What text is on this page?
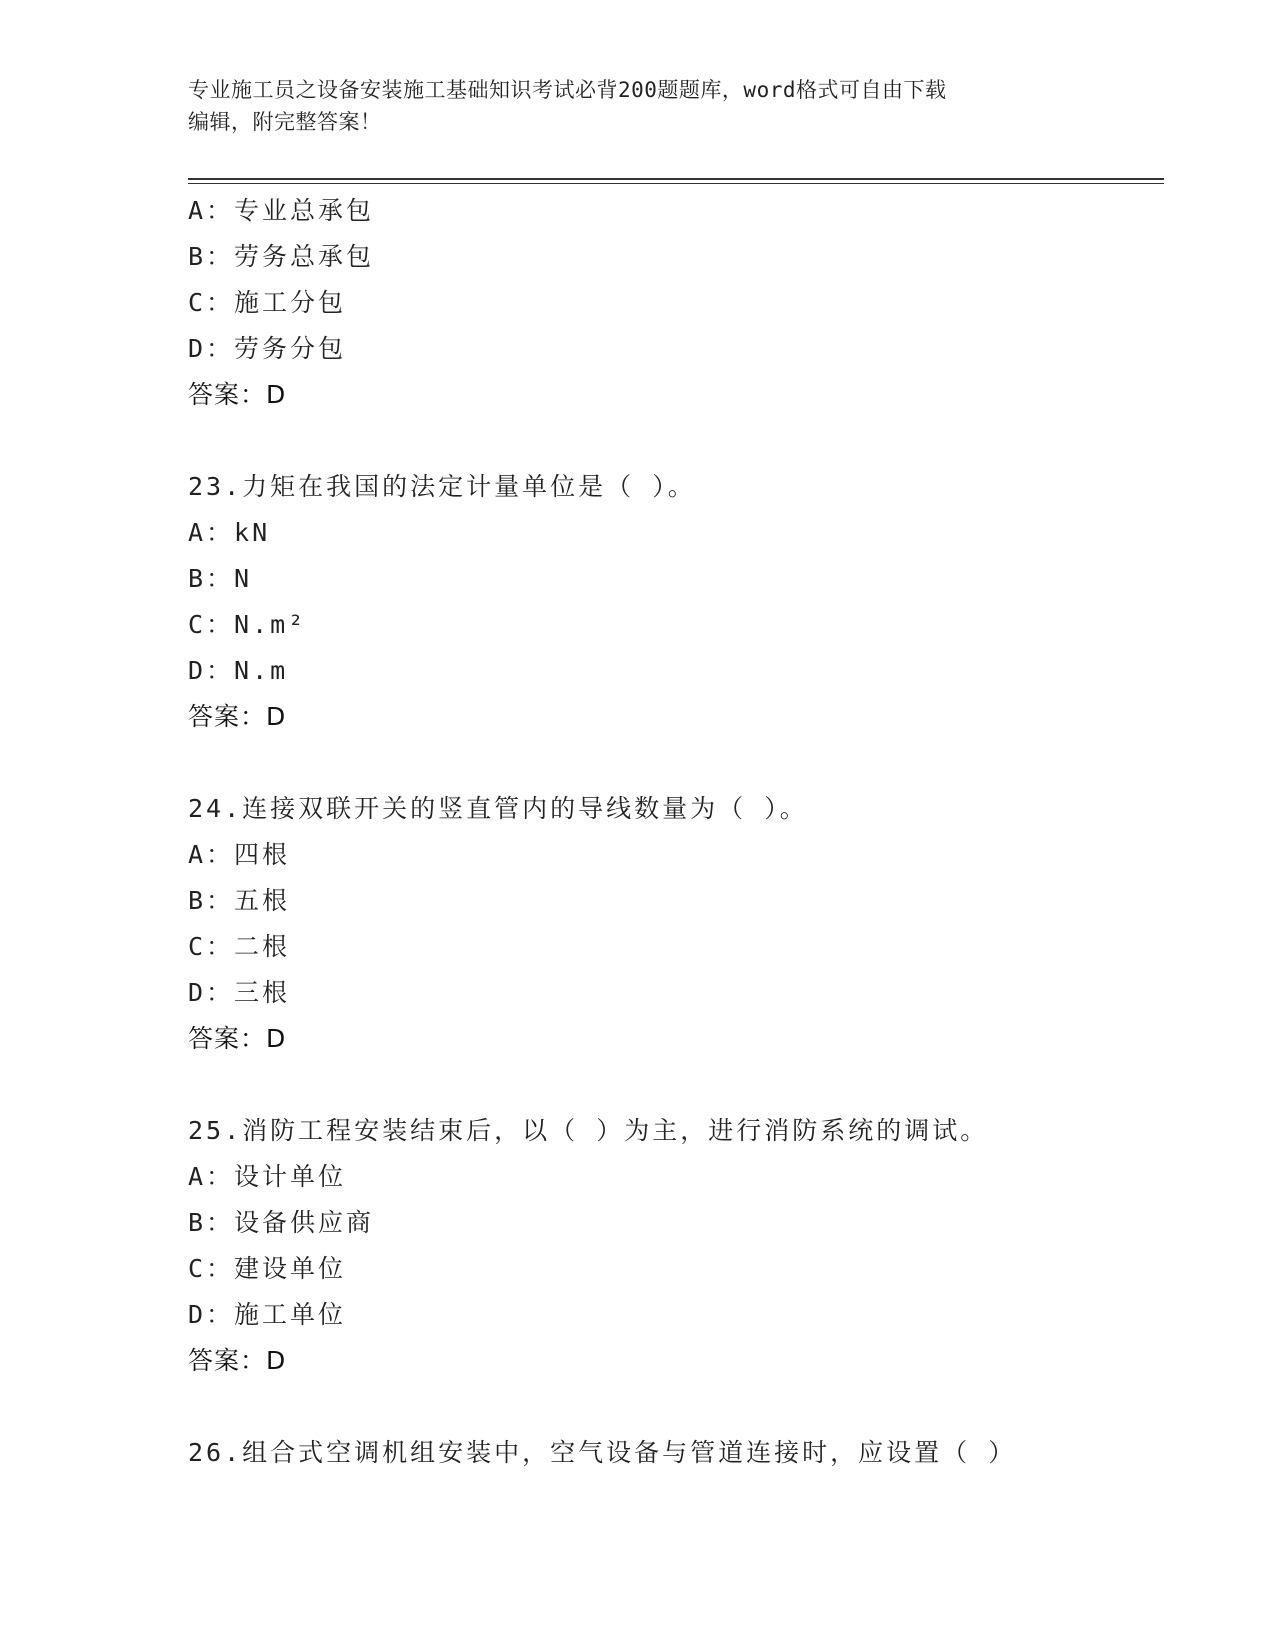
专业施工员之设备安装施工基础知识考试必背200题题库，word格式可自由下载
编辑，附完整答案！
A：专业总承包
B：劳务总承包
C：施工分包
D：劳务分包
答案：D
23.力矩在我国的法定计量单位是（ ）。
A：kN
B：N
C：N.m²
D：N.m
答案：D
24.连接双联开关的竖直管内的导线数量为（ ）。
A：四根
B：五根
C：二根
D：三根
答案：D
25.消防工程安装结束后，以（ ）为主，进行消防系统的调试。
A：设计单位
B：设备供应商
C：建设单位
D：施工单位
答案：D
26.组合式空调机组安装中，空气设备与管道连接时，应设置（ ）
